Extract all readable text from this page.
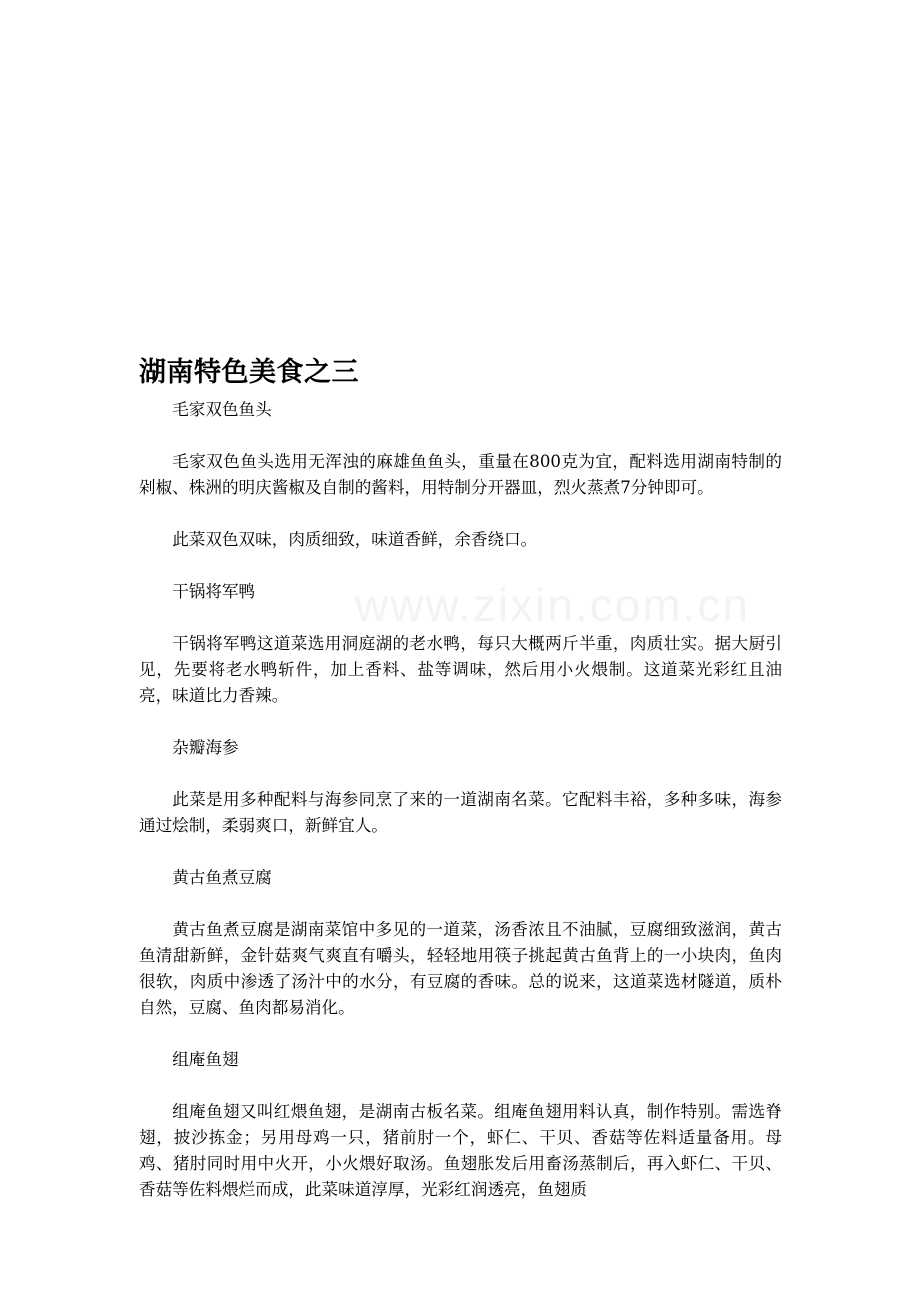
www.zixin.com.cn
湖南特色美食之三

毛家双色鱼头

毛家双色鱼头选用无浑浊的麻雄鱼鱼头，重量在800克为宜，配料选用湖南特制的剁椒、株洲的明庆酱椒及自制的酱料，用特制分开器皿，烈火蒸煮7分钟即可。

此菜双色双味，肉质细致，味道香鲜，余香绕口。

干锅将军鸭

干锅将军鸭这道菜选用洞庭湖的老水鸭，每只大概两斤半重，肉质壮实。据大厨引见，先要将老水鸭斩件，加上香料、盐等调味，然后用小火煨制。这道菜光彩红且油亮，味道比力香辣。

杂瓣海参

此菜是用多种配料与海参同烹了来的一道湖南名菜。它配料丰裕，多种多味，海参通过烩制，柔弱爽口，新鲜宜人。

黄古鱼煮豆腐

黄古鱼煮豆腐是湖南菜馆中多见的一道菜，汤香浓且不油腻，豆腐细致滋润，黄古鱼清甜新鲜，金针菇爽气爽直有嚼头，轻轻地用筷子挑起黄古鱼背上的一小块肉，鱼肉很软，肉质中渗透了汤汁中的水分，有豆腐的香味。总的说来，这道菜选材隧道，质朴自然，豆腐、鱼肉都易消化。

组庵鱼翅

组庵鱼翅又叫红煨鱼翅，是湖南古板名菜。组庵鱼翅用料认真，制作特别。需选脊翅，披沙拣金；另用母鸡一只，猪前肘一个，虾仁、干贝、香菇等佐料适量备用。母鸡、猪肘同时用中火开，小火煨好取汤。鱼翅胀发后用畜汤蒸制后，再入虾仁、干贝、香菇等佐料煨烂而成，此菜味道淳厚，光彩红润透亮，鱼翅质
